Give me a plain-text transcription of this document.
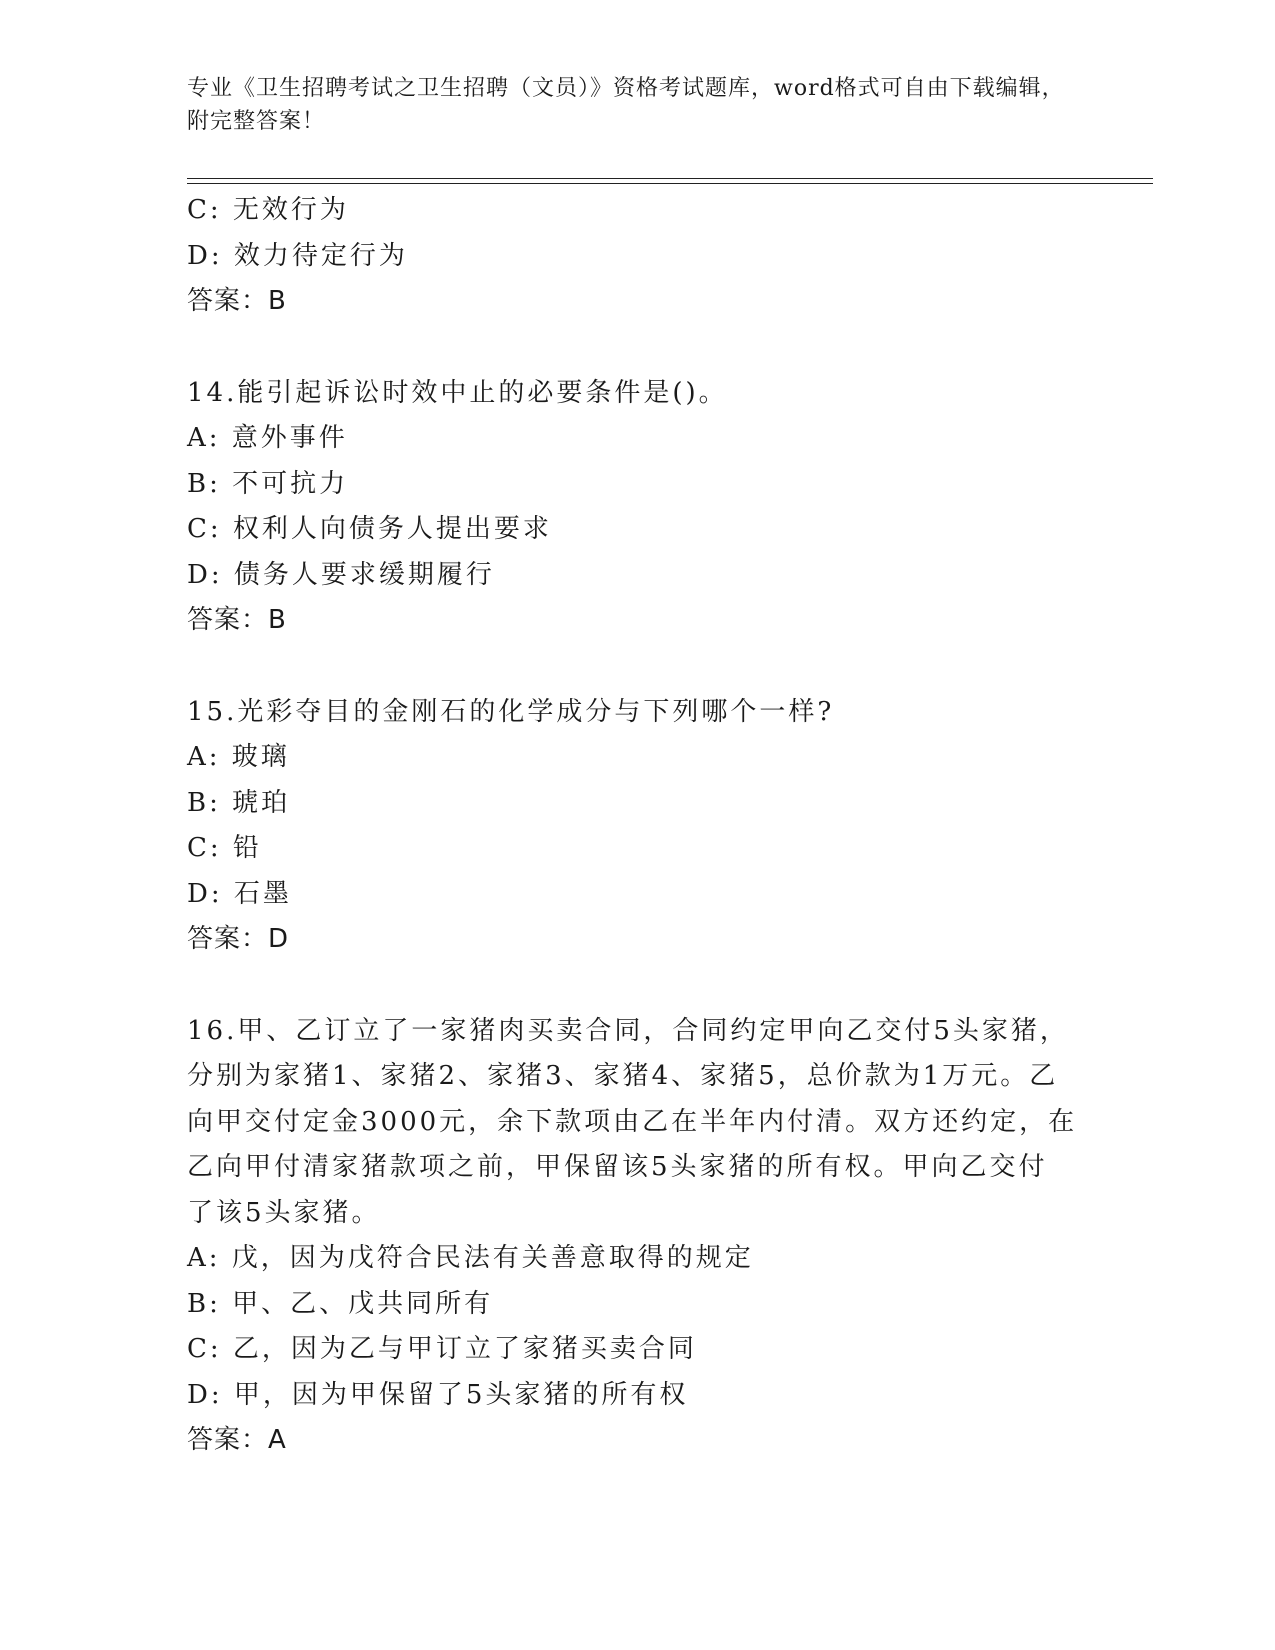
专业《卫生招聘考试之卫生招聘（文员）》资格考试题库，word格式可自由下载编辑，附完整答案！
C: 无效行为
D: 效力待定行为
答案：B
14.能引起诉讼时效中止的必要条件是()。
A: 意外事件
B: 不可抗力
C: 权利人向债务人提出要求
D: 债务人要求缓期履行
答案：B
15.光彩夺目的金刚石的化学成分与下列哪个一样?
A: 玻璃
B: 琥珀
C: 铅
D: 石墨
答案：D
16.甲、乙订立了一家猪肉买卖合同，合同约定甲向乙交付5头家猪，
分别为家猪1、家猪2、家猪3、家猪4、家猪5，总价款为1万元。乙
向甲交付定金3000元，余下款项由乙在半年内付清。双方还约定，在
乙向甲付清家猪款项之前，甲保留该5头家猪的所有权。甲向乙交付
了该5头家猪。
A: 戊，因为戊符合民法有关善意取得的规定
B: 甲、乙、戊共同所有
C: 乙，因为乙与甲订立了家猪买卖合同
D: 甲，因为甲保留了5头家猪的所有权
答案：A
